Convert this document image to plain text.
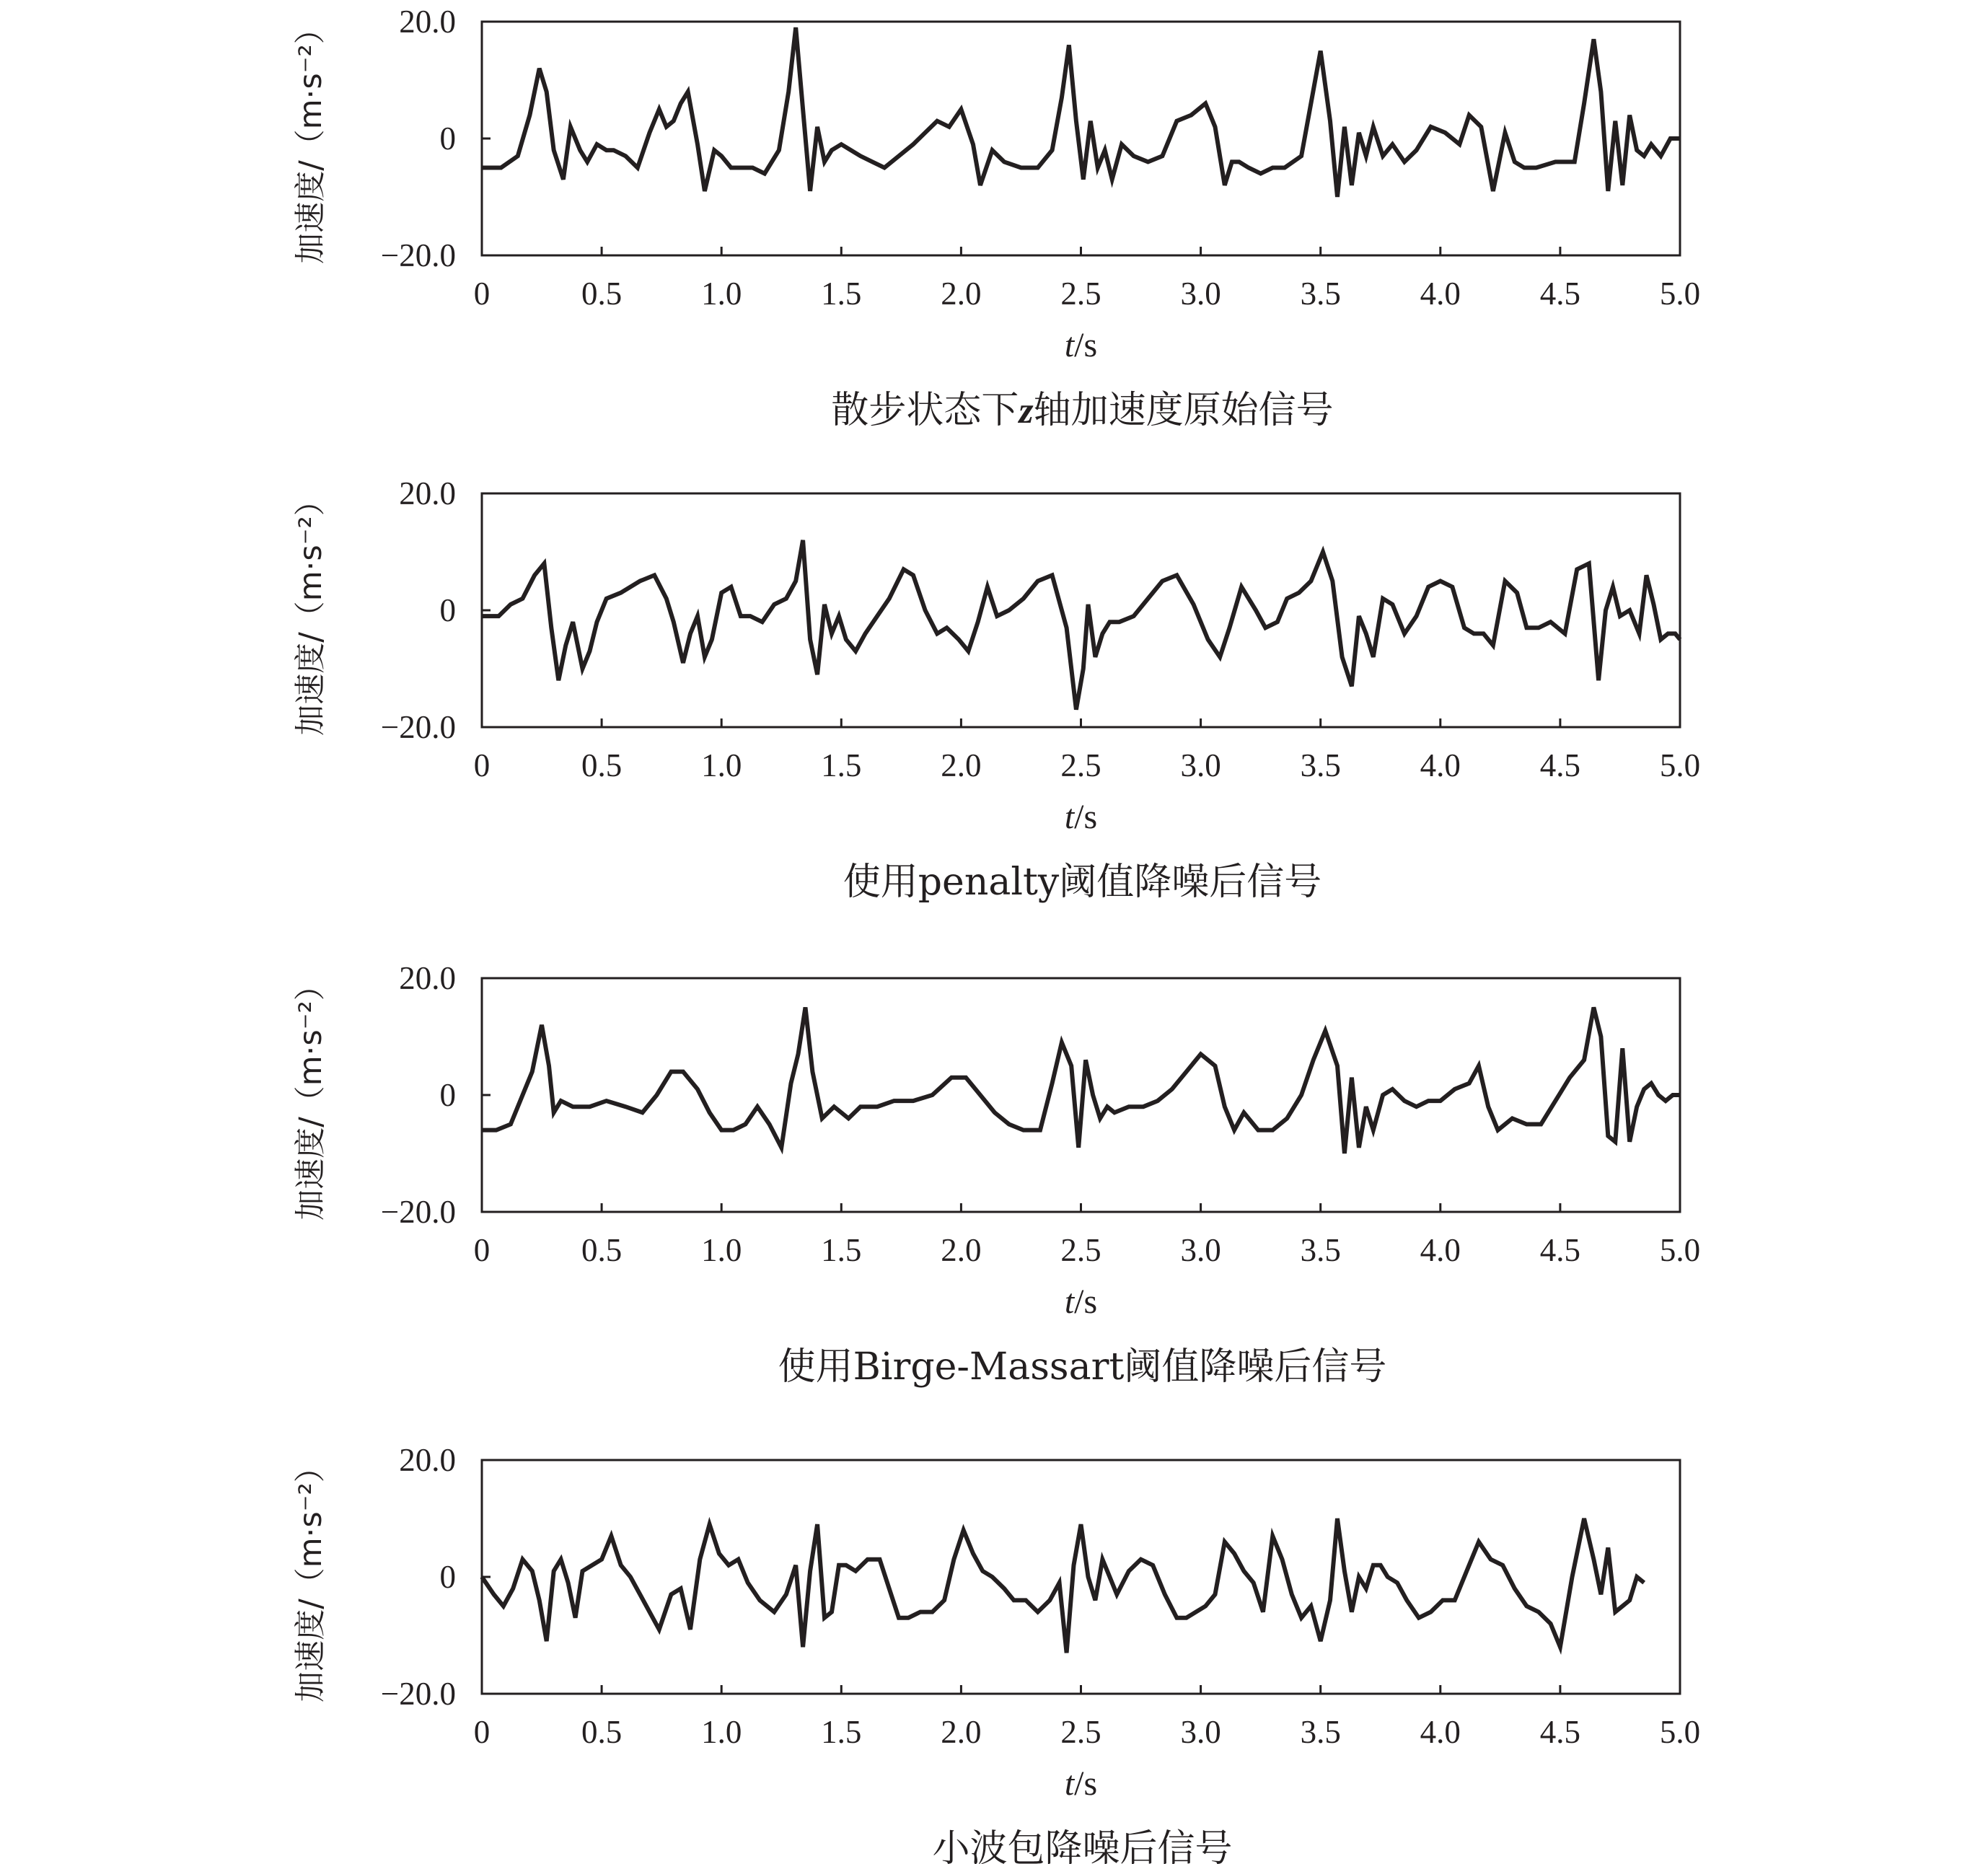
0	0.5 1.0 1.5 2.0 2.5 3.0 3.5 4.0 4.5 5.0
20.0
0
−20.0
加速度/（m·s⁻²）
t/s
散步状态下z轴加速度原始信号
0	0.5 1.0 1.5 2.0 2.5 3.0 3.5 4.0 4.5 5.0
20.0
0
−20.0
加速度/（m·s⁻²）
t/s
使用penalty阈值降噪后信号
0	0.5 1.0 1.5 2.0 2.5 3.0 3.5 4.0 4.5 5.0
20.0
0
−20.0
加速度/（m·s⁻²）
t/s
使用Birge-Massart阈值降噪后信号
0	0.5 1.0 1.5 2.0 2.5 3.0 3.5 4.0 4.5 5.0
20.0
0
−20.0
加速度/（m·s⁻²）
t/s
小波包降噪后信号
